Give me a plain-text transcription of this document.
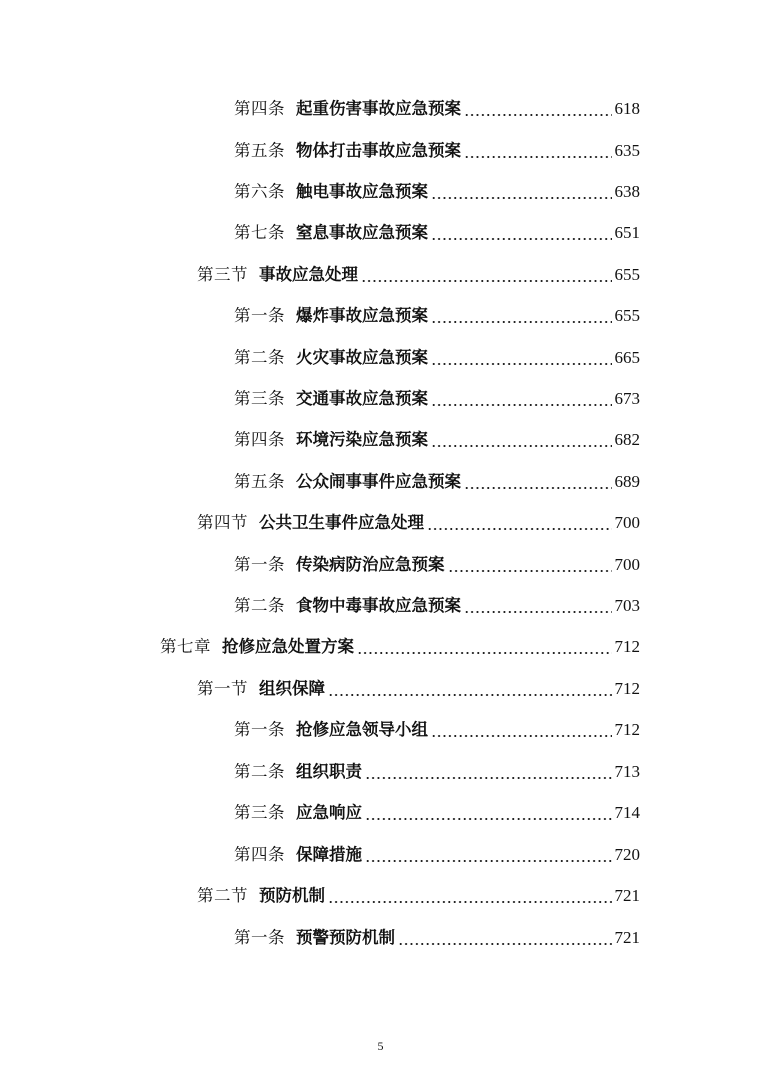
第四条 起重伤害事故应急预案	618
第五条 物体打击事故应急预案	635
第六条 触电事故应急预案	638
第七条 窒息事故应急预案	651
第三节 事故应急处理	655
第一条 爆炸事故应急预案	655
第二条 火灾事故应急预案	665
第三条 交通事故应急预案	673
第四条 环境污染应急预案	682
第五条 公众闹事事件应急预案	689
第四节 公共卫生事件应急处理	700
第一条 传染病防治应急预案	700
第二条 食物中毒事故应急预案	703
第七章 抢修应急处置方案	712
第一节 组织保障	712
第一条 抢修应急领导小组	712
第二条 组织职责	713
第三条 应急响应	714
第四条 保障措施	720
第二节 预防机制	721
第一条 预警预防机制	721
5
